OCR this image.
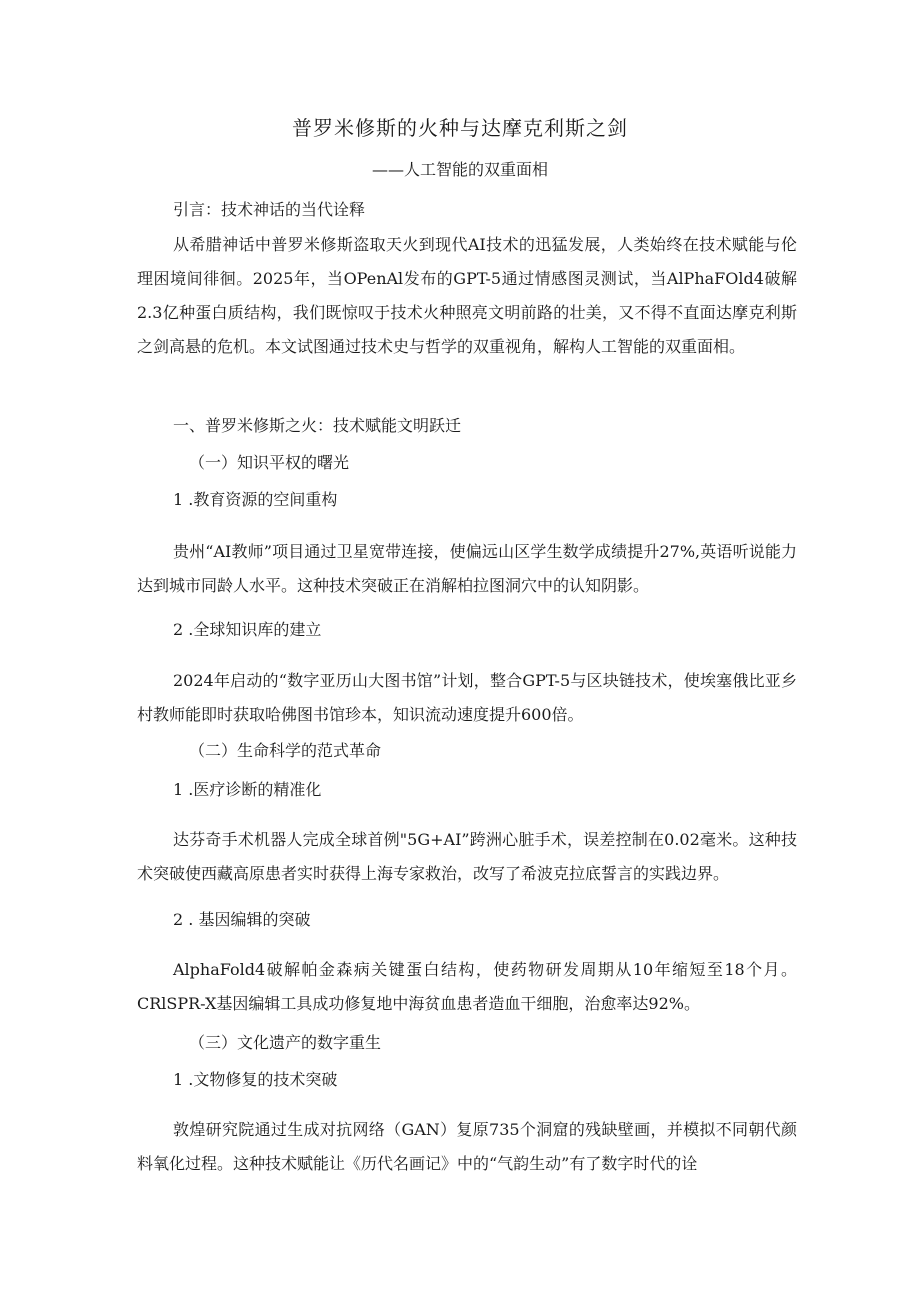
普罗米修斯的火种与达摩克利斯之剑
——人工智能的双重面相
引言：技术神话的当代诠释

从希腊神话中普罗米修斯盗取天火到现代AI技术的迅猛发展，人类始终在技术赋能与伦理困境间徘徊。2025年，当OPenAl发布的GPT-5通过情感图灵测试，当AlPhaFOld4破解2.3亿种蛋白质结构，我们既惊叹于技术火种照亮文明前路的壮美，又不得不直面达摩克利斯之剑高悬的危机。本文试图通过技术史与哲学的双重视角，解构人工智能的双重面相。

一、普罗米修斯之火：技术赋能文明跃迁
（一）知识平权的曙光
1 .教育资源的空间重构

贵州“AI教师”项目通过卫星宽带连接，使偏远山区学生数学成绩提升27%,英语听说能力达到城市同龄人水平。这种技术突破正在消解柏拉图洞穴中的认知阴影。

2 .全球知识库的建立

2024年启动的“数字亚历山大图书馆”计划，整合GPT-5与区块链技术，使埃塞俄比亚乡村教师能即时获取哈佛图书馆珍本，知识流动速度提升600倍。

（二）生命科学的范式革命
1 .医疗诊断的精准化

达芬奇手术机器人完成全球首例"5G+AI”跨洲心脏手术，误差控制在0.02毫米。这种技术突破使西藏高原患者实时获得上海专家救治，改写了希波克拉底誓言的实践边界。

2 . 基因编辑的突破

AlphaFold4破解帕金森病关键蛋白结构，使药物研发周期从10年缩短至18个月。CRlSPR-X基因编辑工具成功修复地中海贫血患者造血干细胞，治愈率达92%。

（三）文化遗产的数字重生
1 .文物修复的技术突破

敦煌研究院通过生成对抗网络（GAN）复原735个洞窟的残缺壁画，并模拟不同朝代颜料氧化过程。这种技术赋能让《历代名画记》中的“气韵生动”有了数字时代的诠
